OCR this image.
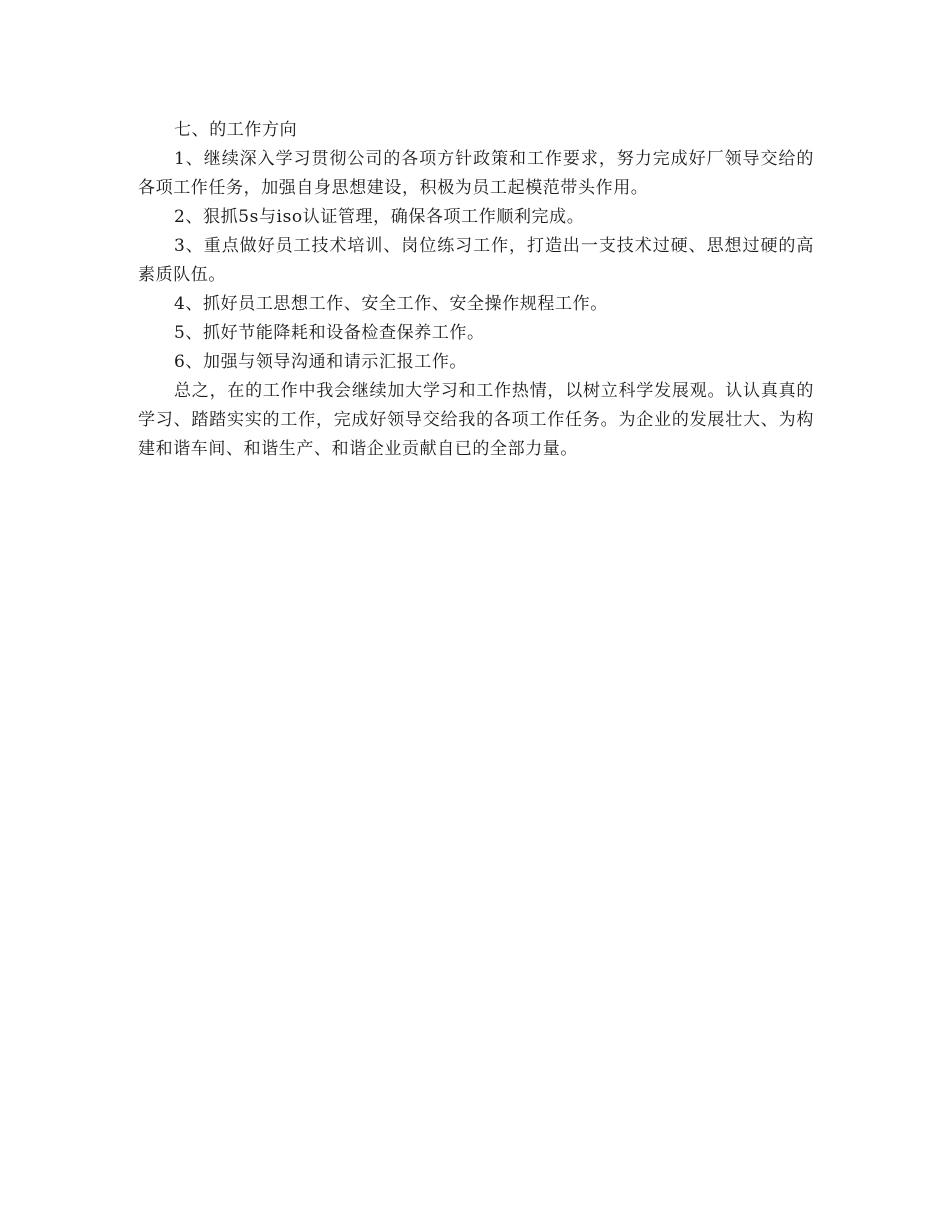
七、的工作方向

1、继续深入学习贯彻公司的各项方针政策和工作要求，努力完成好厂领导交给的各项工作任务，加强自身思想建设，积极为员工起模范带头作用。

2、狠抓5s与iso认证管理，确保各项工作顺利完成。

3、重点做好员工技术培训、岗位练习工作，打造出一支技术过硬、思想过硬的高素质队伍。

4、抓好员工思想工作、安全工作、安全操作规程工作。

5、抓好节能降耗和设备检查保养工作。

6、加强与领导沟通和请示汇报工作。

总之，在的工作中我会继续加大学习和工作热情，以树立科学发展观。认认真真的学习、踏踏实实的工作，完成好领导交给我的各项工作任务。为企业的发展壮大、为构建和谐车间、和谐生产、和谐企业贡献自已的全部力量。
